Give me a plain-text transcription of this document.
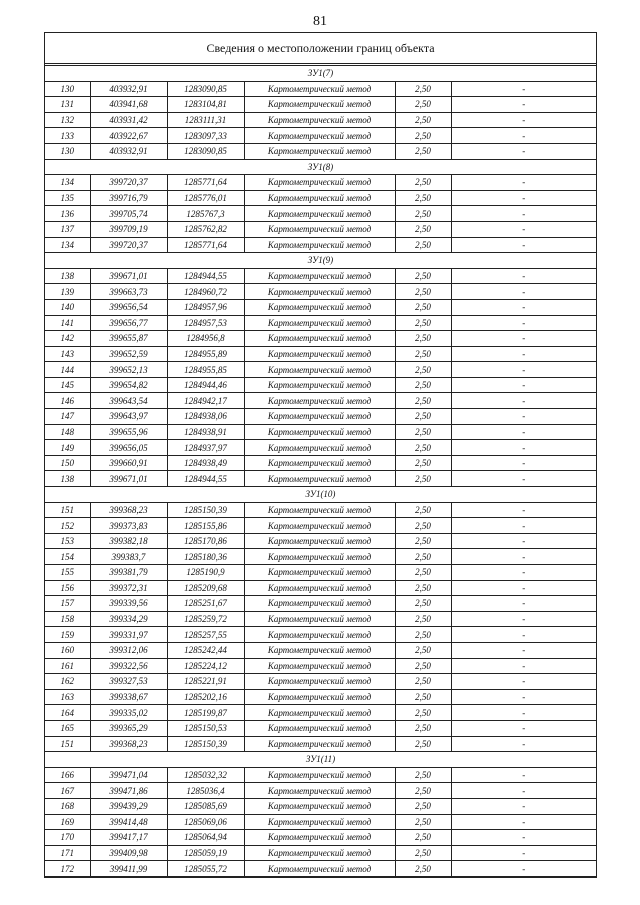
81
Сведения о местоположении границ объекта
ЗУ1(7)					
130	403932,91	1283090,85	Картометрический метод	2,50	-
131	403941,68	1283104,81	Картометрический метод	2,50	-
132	403931,42	1283111,31	Картометрический метод	2,50	-
133	403922,67	1283097,33	Картометрический метод	2,50	-
130	403932,91	1283090,85	Картометрический метод	2,50	-
ЗУ1(8)					
134	399720,37	1285771,64	Картометрический метод	2,50	-
135	399716,79	1285776,01	Картометрический метод	2,50	-
136	399705,74	1285767,3	Картометрический метод	2,50	-
137	399709,19	1285762,82	Картометрический метод	2,50	-
134	399720,37	1285771,64	Картометрический метод	2,50	-
ЗУ1(9)					
138	399671,01	1284944,55	Картометрический метод	2,50	-
139	399663,73	1284960,72	Картометрический метод	2,50	-
140	399656,54	1284957,96	Картометрический метод	2,50	-
141	399656,77	1284957,53	Картометрический метод	2,50	-
142	399655,87	1284956,8	Картометрический метод	2,50	-
143	399652,59	1284955,89	Картометрический метод	2,50	-
144	399652,13	1284955,85	Картометрический метод	2,50	-
145	399654,82	1284944,46	Картометрический метод	2,50	-
146	399643,54	1284942,17	Картометрический метод	2,50	-
147	399643,97	1284938,06	Картометрический метод	2,50	-
148	399655,96	1284938,91	Картометрический метод	2,50	-
149	399656,05	1284937,97	Картометрический метод	2,50	-
150	399660,91	1284938,49	Картометрический метод	2,50	-
138	399671,01	1284944,55	Картометрический метод	2,50	-
ЗУ1(10)					
151	399368,23	1285150,39	Картометрический метод	2,50	-
152	399373,83	1285155,86	Картометрический метод	2,50	-
153	399382,18	1285170,86	Картометрический метод	2,50	-
154	399383,7	1285180,36	Картометрический метод	2,50	-
155	399381,79	1285190,9	Картометрический метод	2,50	-
156	399372,31	1285209,68	Картометрический метод	2,50	-
157	399339,56	1285251,67	Картометрический метод	2,50	-
158	399334,29	1285259,72	Картометрический метод	2,50	-
159	399331,97	1285257,55	Картометрический метод	2,50	-
160	399312,06	1285242,44	Картометрический метод	2,50	-
161	399322,56	1285224,12	Картометрический метод	2,50	-
162	399327,53	1285221,91	Картометрический метод	2,50	-
163	399338,67	1285202,16	Картометрический метод	2,50	-
164	399335,02	1285199,87	Картометрический метод	2,50	-
165	399365,29	1285150,53	Картометрический метод	2,50	-
151	399368,23	1285150,39	Картометрический метод	2,50	-
ЗУ1(11)					
166	399471,04	1285032,32	Картометрический метод	2,50	-
167	399471,86	1285036,4	Картометрический метод	2,50	-
168	399439,29	1285085,69	Картометрический метод	2,50	-
169	399414,48	1285069,06	Картометрический метод	2,50	-
170	399417,17	1285064,94	Картометрический метод	2,50	-
171	399409,98	1285059,19	Картометрический метод	2,50	-
172	399411,99	1285055,72	Картометрический метод	2,50	-
